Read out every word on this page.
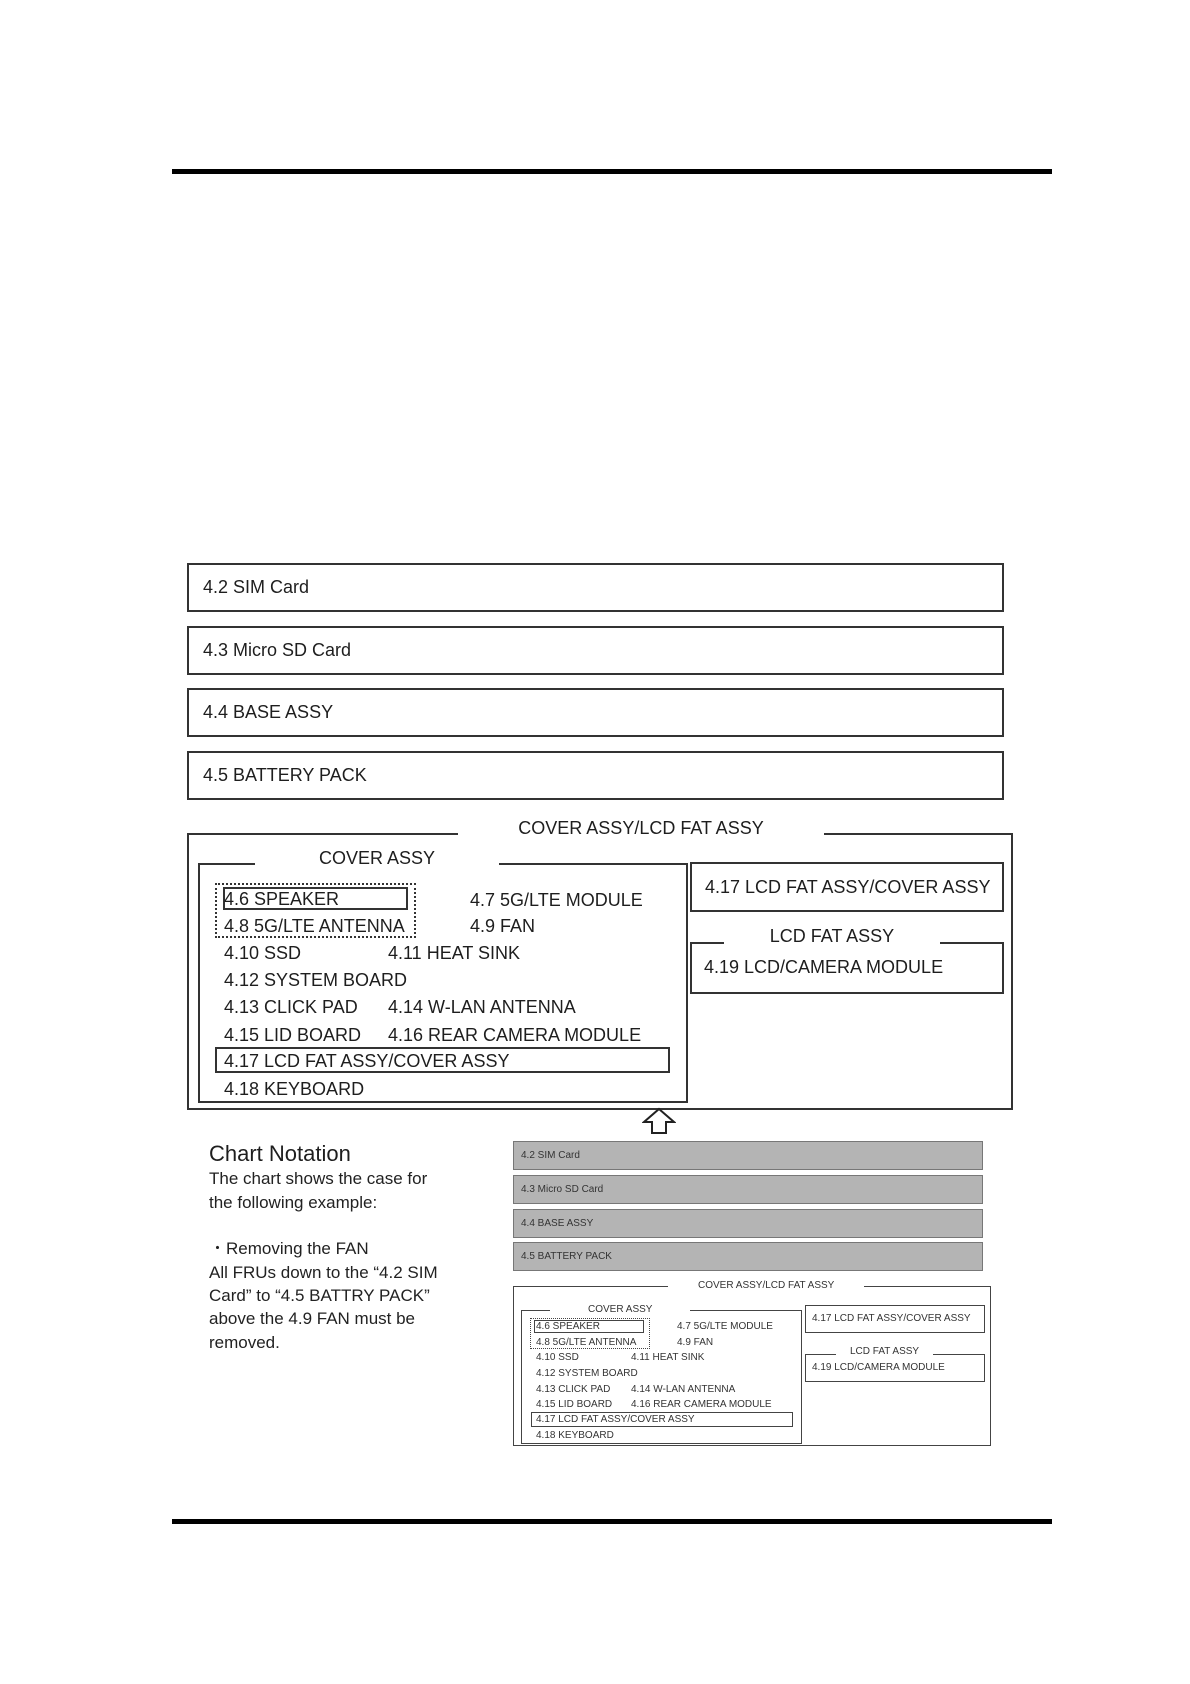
4.2 SIM Card
4.3 Micro SD Card
4.4 BASE ASSY
4.5 BATTERY PACK
COVER ASSY/LCD FAT ASSY
COVER ASSY
4.6 SPEAKER	4.7 5G/LTE MODULE
4.8 5G/LTE ANTENNA	4.9 FAN
4.10 SSD	4.11 HEAT SINK
4.12 SYSTEM BOARD
4.13 CLICK PAD 4.14 W-LAN ANTENNA
4.15 LID BOARD 4.16 REAR CAMERA MODULE
4.17 LCD FAT ASSY/COVER ASSY
4.18 KEYBOARD
4.17 LCD FAT ASSY/COVER ASSY
LCD FAT ASSY
4.19 LCD/CAMERA MODULE
Chart Notation
The chart shows the case for
the following example:
・Removing the FAN
All FRUs down to the “4.2 SIM
Card” to “4.5 BATTRY PACK”
above the 4.9 FAN must be
removed.
4.2 SIM Card
4.3 Micro SD Card
4.4 BASE ASSY
4.5 BATTERY PACK
COVER ASSY/LCD FAT ASSY
COVER ASSY
4.6 SPEAKER	4.7 5G/LTE MODULE
4.8 5G/LTE ANTENNA	4.9 FAN
4.10 SSD	4.11 HEAT SINK
4.12 SYSTEM BOARD
4.13 CLICK PAD 4.14 W-LAN ANTENNA
4.15 LID BOARD 4.16 REAR CAMERA MODULE
4.17 LCD FAT ASSY/COVER ASSY
4.18 KEYBOARD
4.17 LCD FAT ASSY/COVER ASSY
LCD FAT ASSY
4.19 LCD/CAMERA MODULE
